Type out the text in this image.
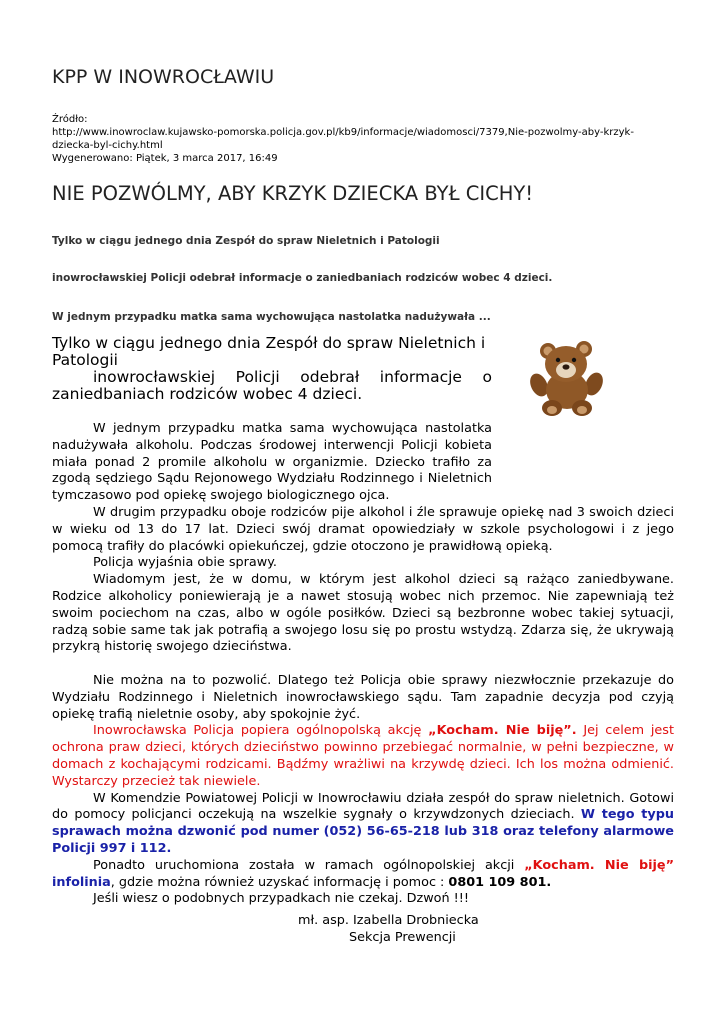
KPP W INOWROCŁAWIU
Źródło:
http://www.inowroclaw.kujawsko-pomorska.policja.gov.pl/kb9/informacje/wiadomosci/7379,Nie-pozwolmy-aby-krzyk-dziecka-byl-cichy.html
Wygenerowano: Piątek, 3 marca 2017, 16:49
NIE POZWÓLMY, ABY KRZYK DZIECKA BYŁ CICHY!
Tylko w ciągu jednego dnia Zespół do spraw Nieletnich i Patologii
inowrocławskiej Policji odebrał informacje o zaniedbaniach rodziców wobec 4 dzieci.
W jednym przypadku matka sama wychowująca nastolatka nadużywała ...

Tylko w ciągu jednego dnia Zespół do spraw Nieletnich i Patologii

inowrocławskiej Policji odebrał informacje o zaniedbaniach rodziców wobec 4 dzieci.

W jednym przypadku matka sama wychowująca nastolatka nadużywała alkoholu. Podczas środowej interwencji Policji kobieta miała ponad 2 promile alkoholu w organizmie. Dziecko trafiło za zgodą sędziego Sądu Rejonowego Wydziału Rodzinnego i Nieletnich tymczasowo pod opiekę swojego biologicznego ojca.

W drugim przypadku oboje rodziców pije alkohol i źle sprawuje opiekę nad 3 swoich dzieci w wieku od 13 do 17 lat. Dzieci swój dramat opowiedziały w szkole psychologowi i z jego pomocą trafiły do placówki opiekuńczej, gdzie otoczono je prawidłową opieką.

Policja wyjaśnia obie sprawy.

Wiadomym jest, że w domu, w którym jest alkohol dzieci są rażąco zaniedbywane. Rodzice alkoholicy poniewierają je a nawet stosują wobec nich przemoc. Nie zapewniają też swoim pociechom na czas, albo w ogóle posiłków. Dzieci są bezbronne wobec takiej sytuacji, radzą sobie same tak jak potrafią a swojego losu się po prostu wstydzą. Zdarza się, że ukrywają przykrą historię swojego dzieciństwa.

Nie można na to pozwolić. Dlatego też Policja obie sprawy niezwłocznie przekazuje do Wydziału Rodzinnego i Nieletnich inowrocławskiego sądu. Tam zapadnie decyzja pod czyją opiekę trafią nieletnie osoby, aby spokojnie żyć.

Inowrocławska Policja popiera ogólnopolską akcję „Kocham. Nie biję”. Jej celem jest ochrona praw dzieci, których dzieciństwo powinno przebiegać normalnie, w pełni bezpieczne, w domach z kochającymi rodzicami. Bądźmy wrażliwi na krzywdę dzieci. Ich los można odmienić. Wystarczy przecież tak niewiele.

W Komendzie Powiatowej Policji w Inowrocławiu działa zespół do spraw nieletnich. Gotowi do pomocy policjanci oczekują na wszelkie sygnały o krzywdzonych dzieciach. W tego typu sprawach można dzwonić pod numer (052) 56-65-218 lub 318 oraz telefony alarmowe Policji 997 i 112.

Ponadto uruchomiona została w ramach ogólnopolskiej akcji „Kocham. Nie biję” infolinia, gdzie można również uzyskać informację i pomoc : 0801 109 801.

Jeśli wiesz o podobnych przypadkach nie czekaj. Dzwoń !!!

mł. asp. Izabella Drobniecka
Sekcja Prewencji
